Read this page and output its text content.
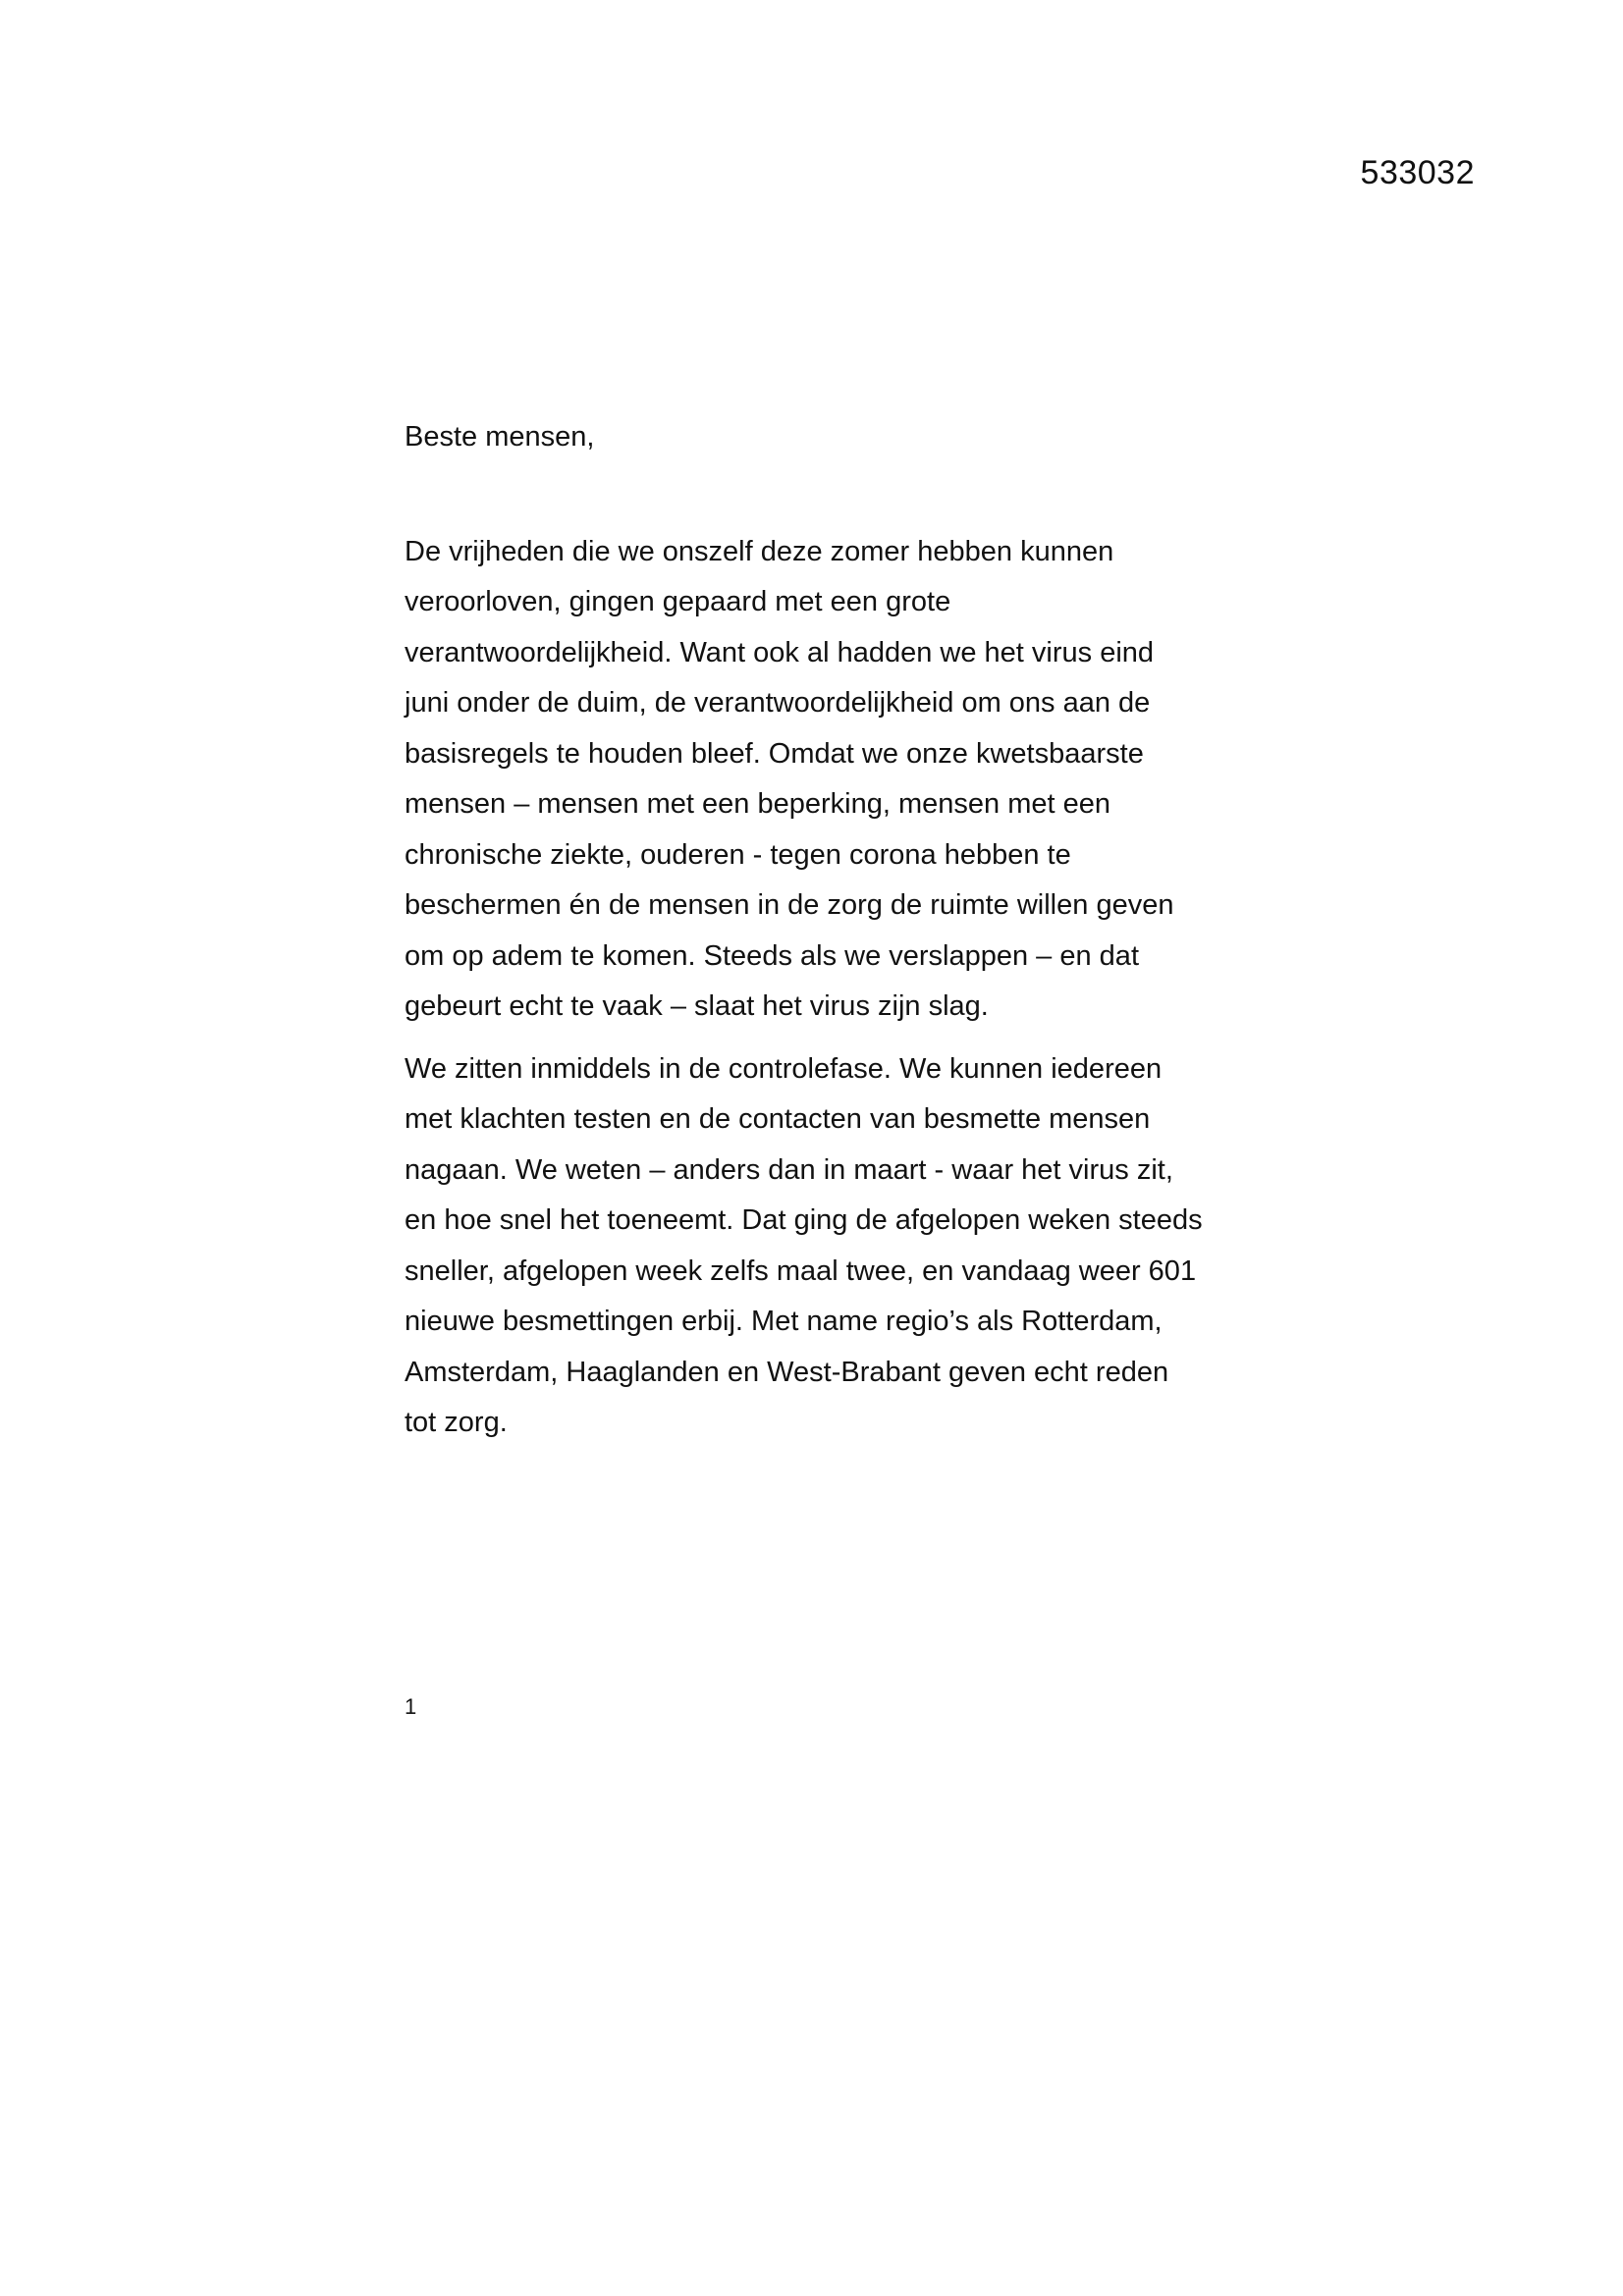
533032

Beste mensen,

De vrijheden die we onszelf deze zomer hebben kunnen
veroorloven, gingen gepaard met een grote
verantwoordelijkheid. Want ook al hadden we het virus eind
juni onder de duim, de verantwoordelijkheid om ons aan de
basisregels te houden bleef. Omdat we onze kwetsbaarste
mensen – mensen met een beperking, mensen met een
chronische ziekte, ouderen - tegen corona hebben te
beschermen én de mensen in de zorg de ruimte willen geven
om op adem te komen. Steeds als we verslappen – en dat
gebeurt echt te vaak – slaat het virus zijn slag.

We zitten inmiddels in de controlefase. We kunnen iedereen
met klachten testen en de contacten van besmette mensen
nagaan. We weten – anders dan in maart - waar het virus zit,
en hoe snel het toeneemt. Dat ging de afgelopen weken steeds
sneller, afgelopen week zelfs maal twee, en vandaag weer 601
nieuwe besmettingen erbij. Met name regio’s als Rotterdam,
Amsterdam, Haaglanden en West-Brabant geven echt reden
tot zorg.

1
